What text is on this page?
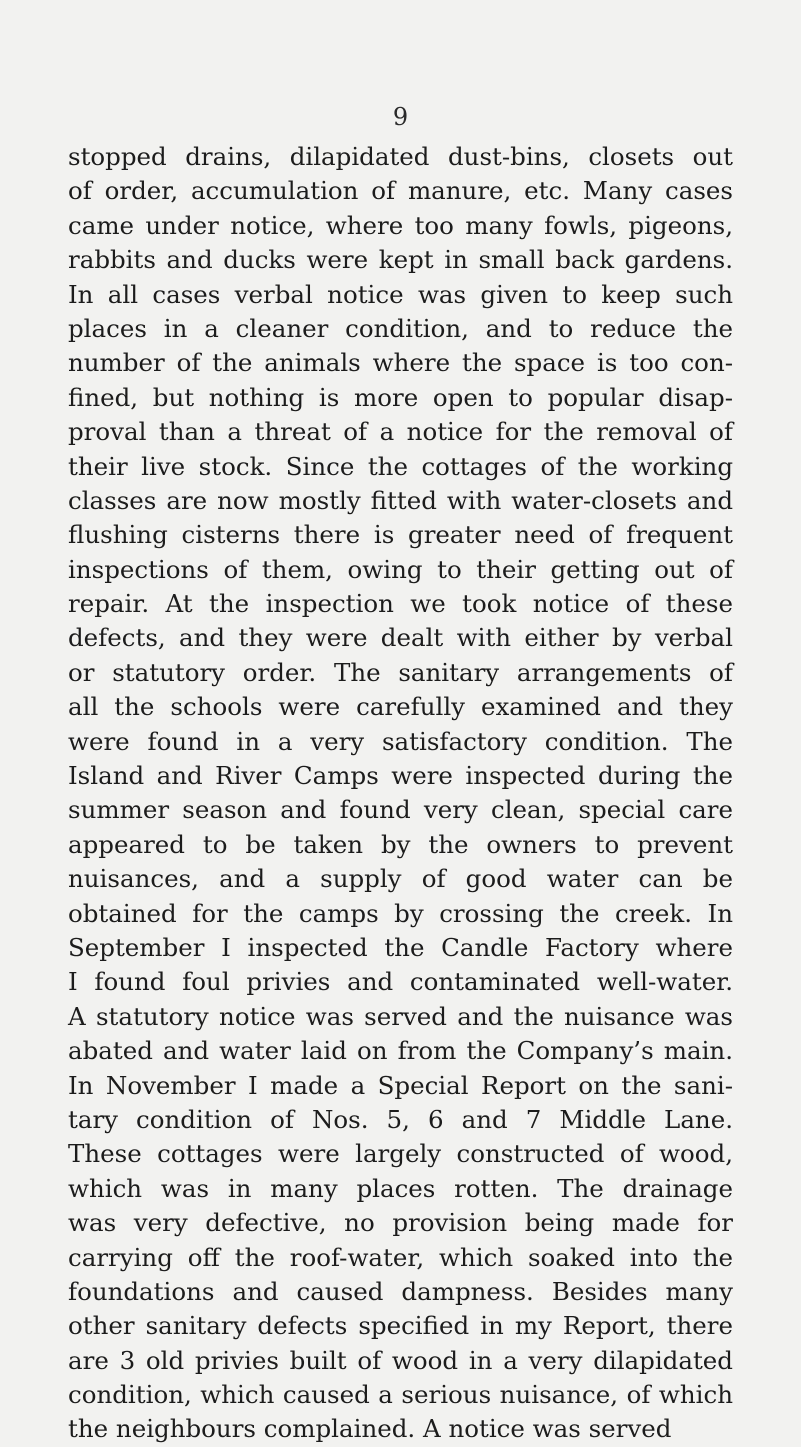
9
stopped drains, dilapidated dust-bins, closets out
of order, accumulation of manure, etc. Many cases
came under notice, where too many fowls, pigeons,
rabbits and ducks were kept in small back gardens.
In all cases verbal notice was given to keep such
places in a cleaner condition, and to reduce the
number of the animals where the space is too con-
fined, but nothing is more open to popular disap-
proval than a threat of a notice for the removal of
their live stock. Since the cottages of the working
classes are now mostly fitted with water-closets and
flushing cisterns there is greater need of frequent
inspections of them, owing to their getting out of
repair. At the inspection we took notice of these
defects, and they were dealt with either by verbal
or statutory order. The sanitary arrangements of
all the schools were carefully examined and they
were found in a very satisfactory condition. The
Island and River Camps were inspected during the
summer season and found very clean, special care
appeared to be taken by the owners to prevent
nuisances, and a supply of good water can be
obtained for the camps by crossing the creek. In
September I inspected the Candle Factory where
I found foul privies and contaminated well-water.
A statutory notice was served and the nuisance was
abated and water laid on from the Company’s main.
In November I made a Special Report on the sani-
tary condition of Nos. 5, 6 and 7 Middle Lane.
These cottages were largely constructed of wood,
which was in many places rotten. The drainage
was very defective, no provision being made for
carrying off the roof-water, which soaked into the
foundations and caused dampness. Besides many
other sanitary defects specified in my Report, there
are 3 old privies built of wood in a very dilapidated
condition, which caused a serious nuisance, of which
the neighbours complained. A notice was served
